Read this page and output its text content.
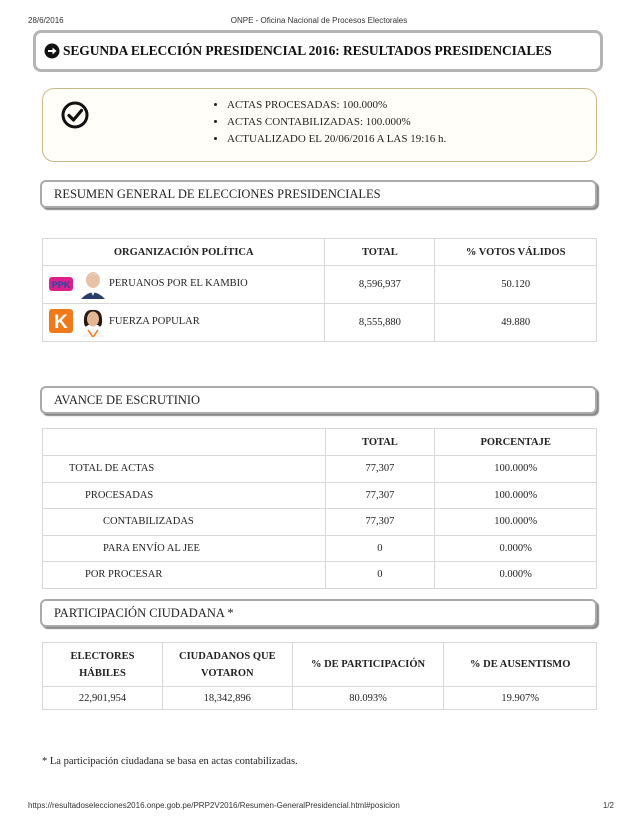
28/6/2016	ONPE - Oficina Nacional de Procesos Electorales
SEGUNDA ELECCIÓN PRESIDENCIAL 2016: RESULTADOS PRESIDENCIALES
• ACTAS PROCESADAS: 100.000%
• ACTAS CONTABILIZADAS: 100.000%
• ACTUALIZADO EL 20/06/2016 A LAS 19:16 h.
RESUMEN GENERAL DE ELECCIONES PRESIDENCIALES
ORGANIZACIÓN POLÍTICA	TOTAL	% VOTOS VÁLIDOS

PPK PERUANOS POR EL KAMBIO	8,596,937	50.120

K FUERZA POPULAR	8,555,880	49.880
AVANCE DE ESCRUTINIO
	TOTAL	PORCENTAJE
TOTAL DE ACTAS	77,307	100.000%
PROCESADAS	77,307	100.000%
CONTABILIZADAS	77,307	100.000%
PARA ENVÍO AL JEE	0	0.000%
POR PROCESAR	0	0.000%
PARTICIPACIÓN CIUDADANA *
ELECTORES HÁBILES	CIUDADANOS QUE VOTARON	% DE PARTICIPACIÓN	% DE AUSENTISMO
22,901,954	18,342,896	80.093%	19.907%
* La participación ciudadana se basa en actas contabilizadas.
https://resultadoselecciones2016.onpe.gob.pe/PRP2V2016/Resumen-GeneralPresidencial.html#posicion	1/2
